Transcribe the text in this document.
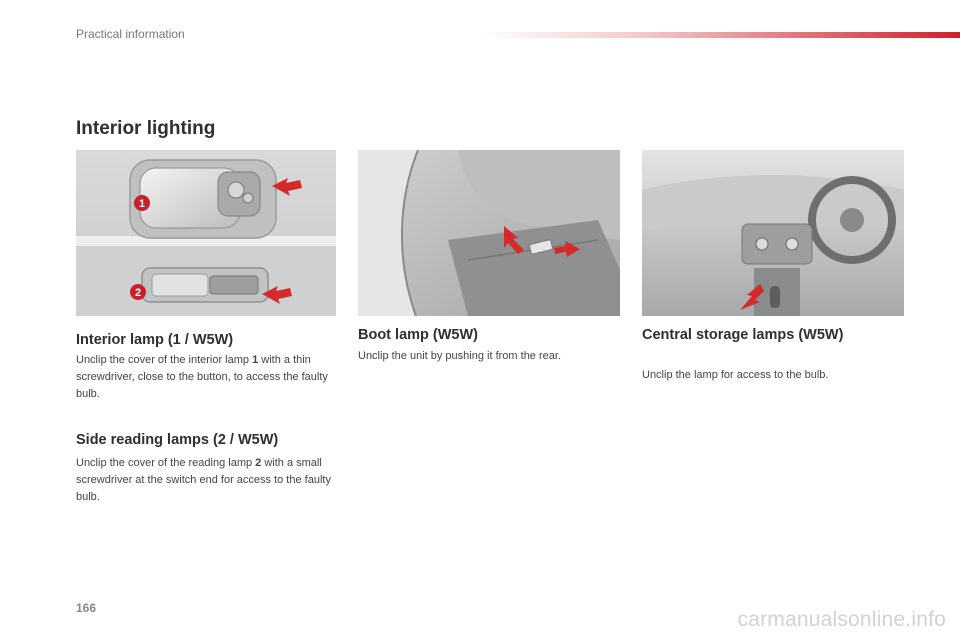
Practical information
Interior lighting
1
2
Interior lamp (1 / W5W)

Unclip the cover of the interior lamp 1 with a thin screwdriver, close to the button, to access the faulty bulb.

Side reading lamps (2 / W5W)

Unclip the cover of the reading lamp 2 with a small screwdriver at the switch end for access to the faulty bulb.

Boot lamp (W5W)

Unclip the unit by pushing it from the rear.

Central storage lamps (W5W)

Unclip the lamp for access to the bulb.

166	carmanualsonline.info
